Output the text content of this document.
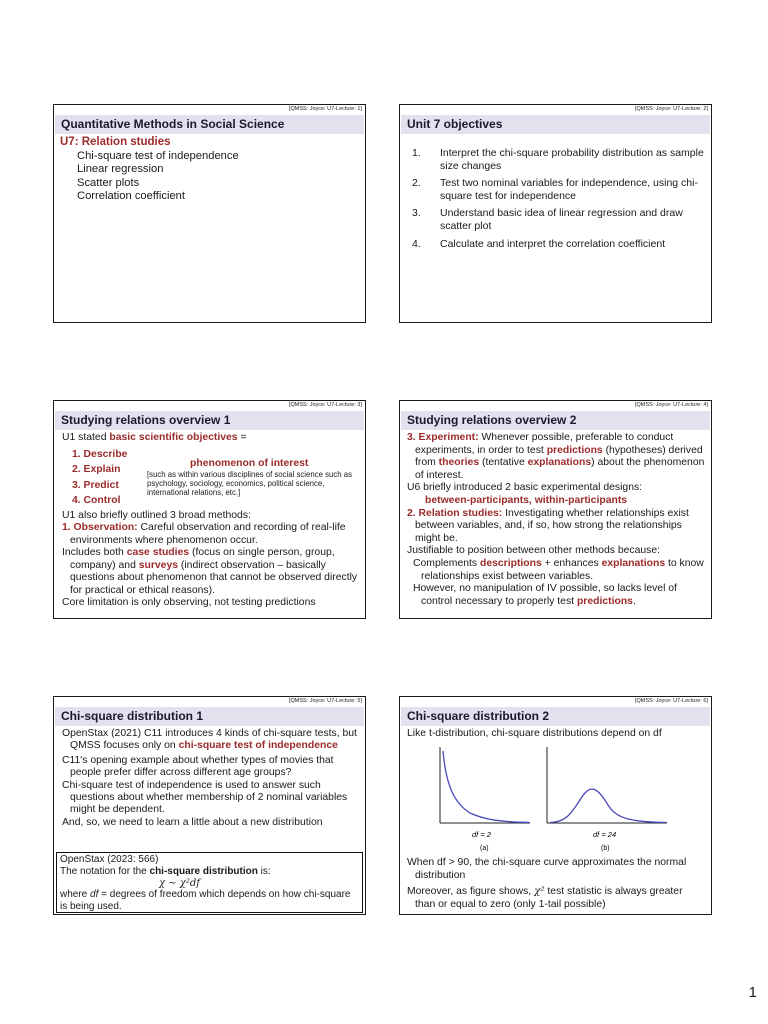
[QMSS: Joyce: U7-Lecture: 1]
Quantitative Methods in Social Science
U7: Relation studies
Chi-square test of independence
Linear regression
Scatter plots
Correlation coefficient
[QMSS: Joyce: U7-Lecture: 2]
Unit 7 objectives
1.	Interpret the chi-square probability distribution as sample size changes
2.	Test two nominal variables for independence, using chi-square test for independence
3.	Understand basic idea of linear regression and draw scatter plot
4.	Calculate and interpret the correlation coefficient
[QMSS: Joyce: U7-Lecture: 3]
Studying relations overview 1

U1 stated basic scientific objectives =

1. Describe
2. Explain
3. Predict
4. Control
phenomenon of interest
[such as within various disciplines of social science such as psychology, sociology, economics, political science, international relations, etc.]

U1 also briefly outlined 3 broad methods:

1. Observation: Careful observation and recording of real-life environments where phenomenon occur.

Includes both case studies (focus on single person, group, company) and surveys (indirect observation – basically questions about phenomenon that cannot be observed directly for practical or ethical reasons).

Core limitation is only observing, not testing predictions

[QMSS: Joyce: U7-Lecture: 4]
Studying relations overview 2

3. Experiment: Whenever possible, preferable to conduct experiments, in order to test predictions (hypotheses) derived from theories (tentative explanations) about the phenomenon of interest.

U6 briefly introduced 2 basic experimental designs:

between-participants, within-participants

2. Relation studies: Investigating whether relationships exist between variables, and, if so, how strong the relationships might be.

Justifiable to position between other methods because:

Complements descriptions + enhances explanations to know relationships exist between variables.

However, no manipulation of IV possible, so lacks level of control necessary to properly test predictions.

[QMSS: Joyce: U7-Lecture: 5]
Chi-square distribution 1

OpenStax (2021) C11 introduces 4 kinds of chi-square tests, but QMSS focuses only on chi-square test of independence

C11's opening example about whether types of movies that people prefer differ across different age groups?

Chi-square test of independence is used to answer such questions about whether membership of 2 nominal variables might be dependent.

And, so, we need to learn a little about a new distribution

OpenStax (2023: 566)
The notation for the chi-square distribution is:
χ ~ χ²df
where df = degrees of freedom which depends on how chi-square is being used.
[QMSS: Joyce: U7-Lecture: 6]
Chi-square distribution 2

Like t-distribution, chi-square distributions depend on df

df = 2
(a)
df = 24
(b)

When df > 90, the chi-square curve approximates the normal distribution

Moreover, as figure shows, χ² test statistic is always greater than or equal to zero (only 1-tail possible)

1
